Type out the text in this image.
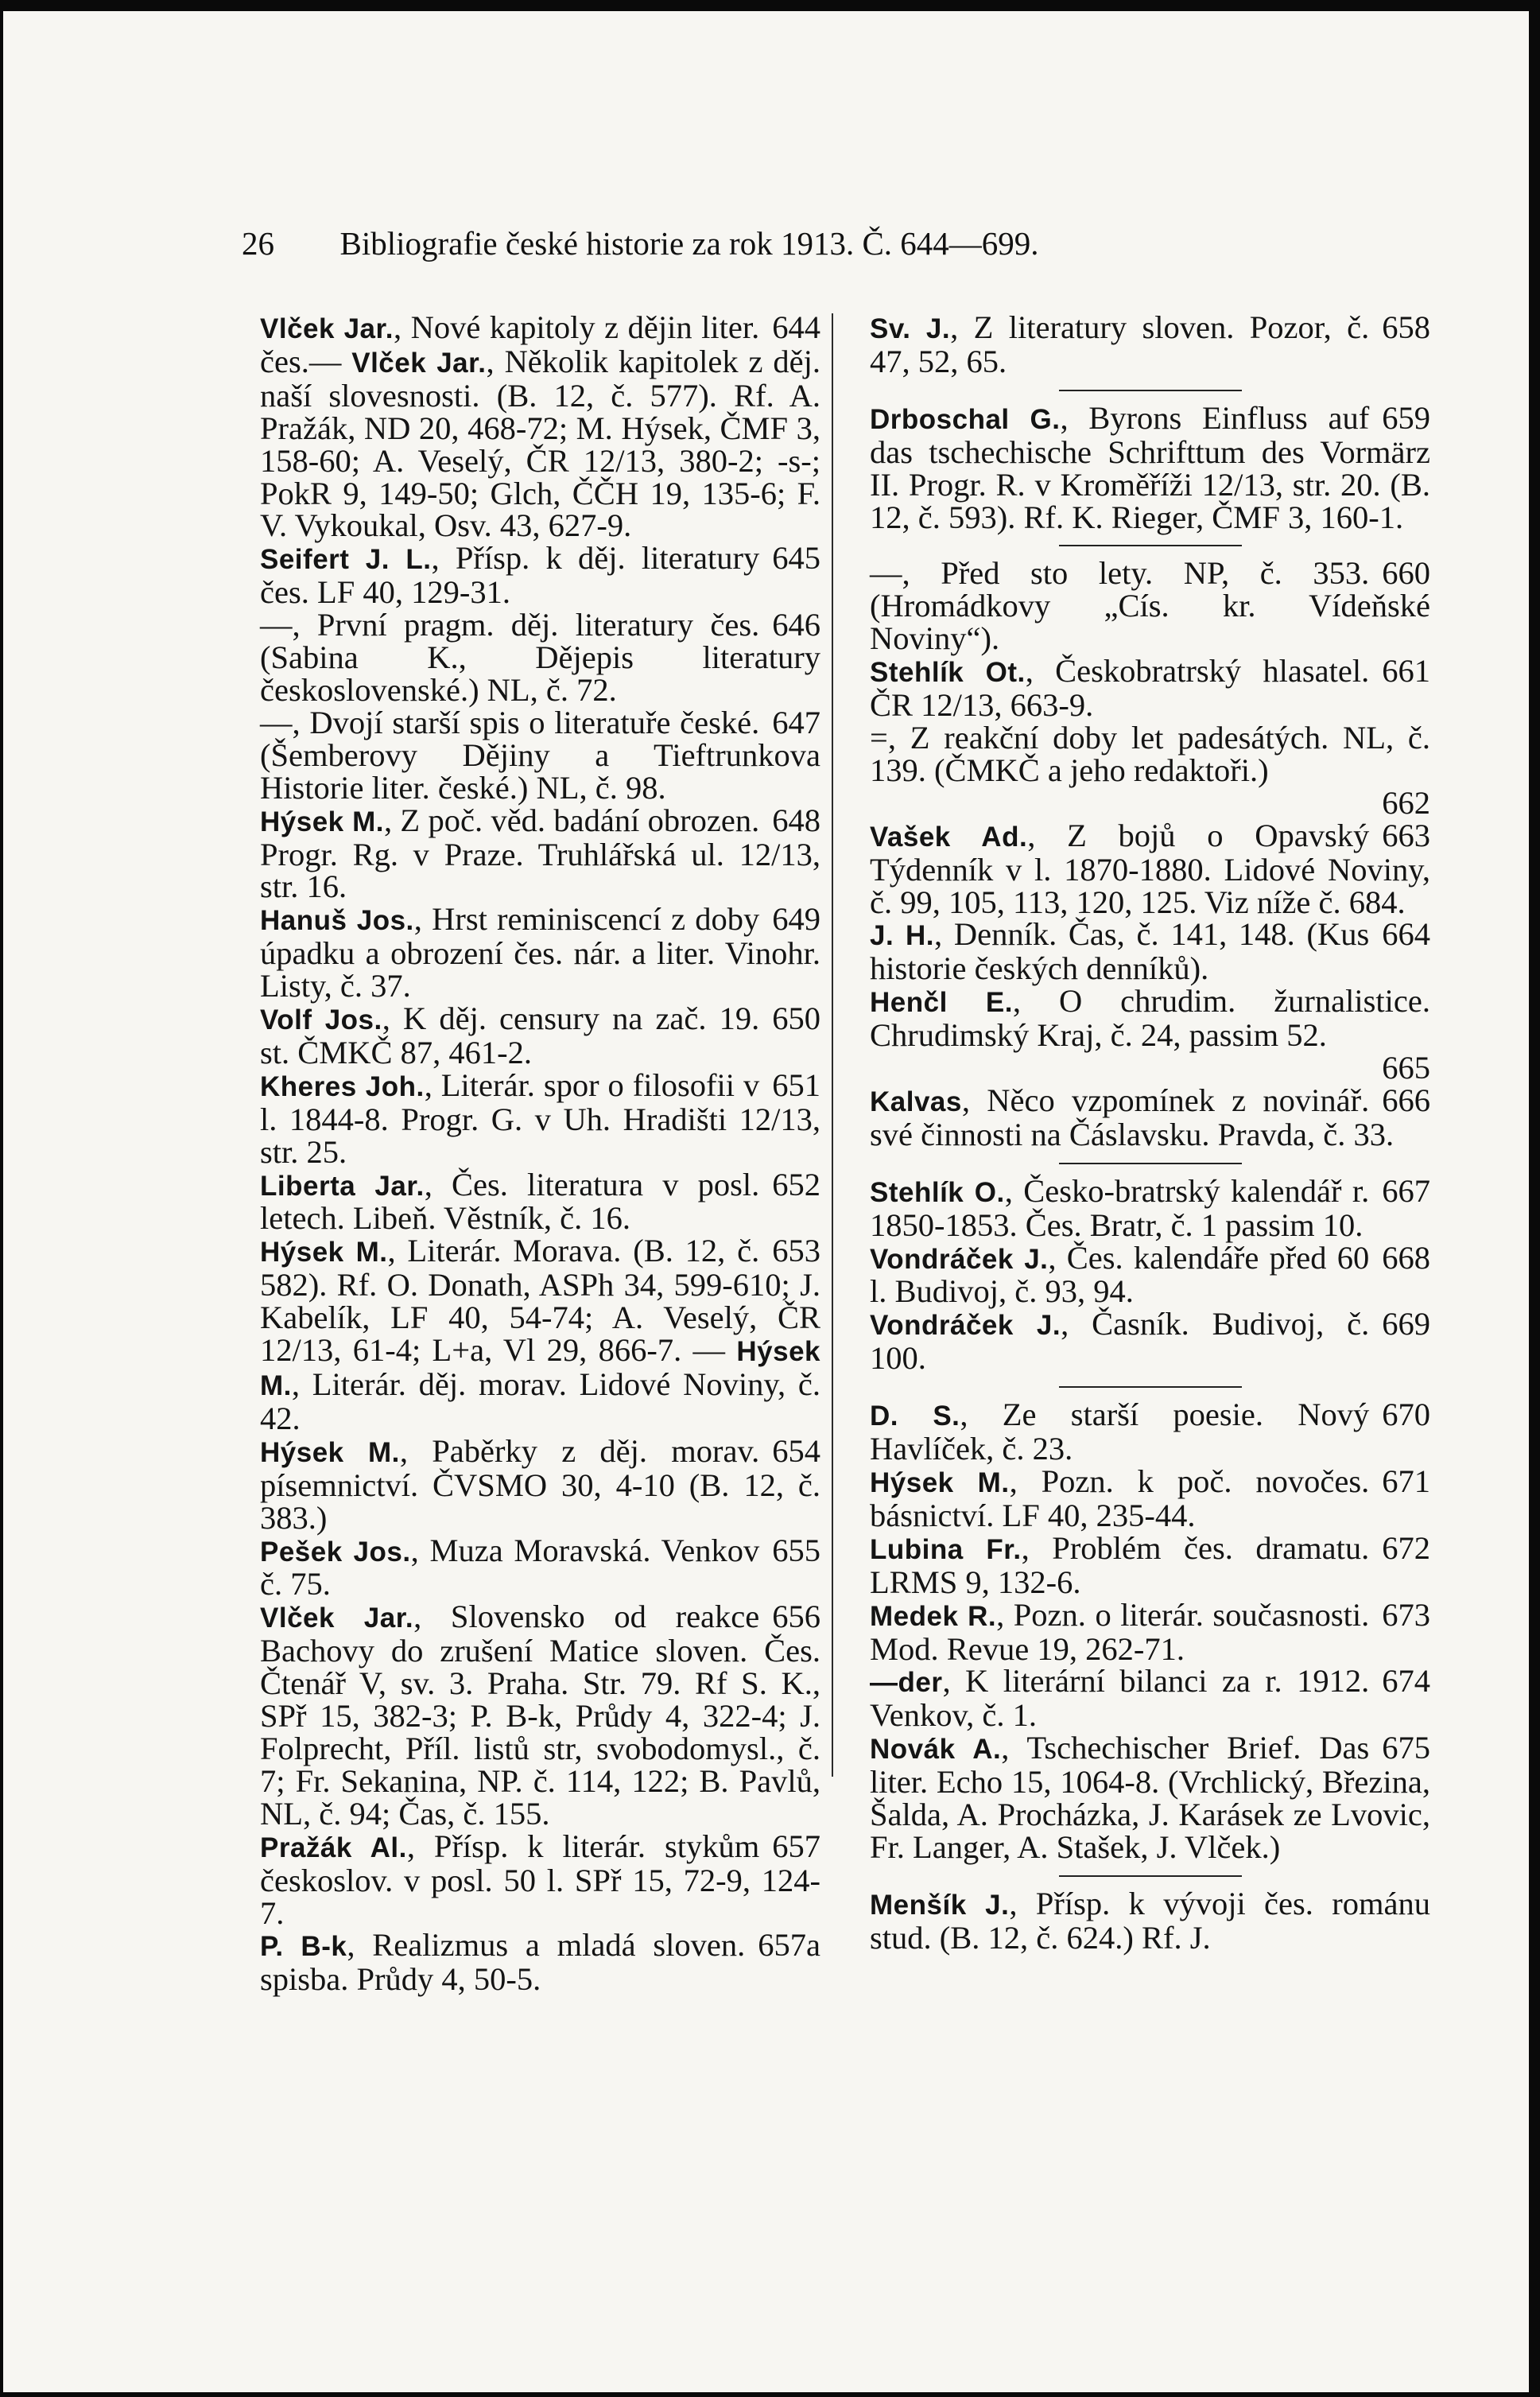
26 Bibliografie české historie za rok 1913. Č. 644—699.
644
Vlček Jar., Nové kapitoly z dějin liter. čes.— Vlček Jar., Několik kapitolek z děj. naší slovesnosti. (B. 12, č. 577). Rf. A. Pražák, ND 20, 468-72; M. Hýsek, ČMF 3, 158-60; A. Veselý, ČR 12/13, 380-2; -s-; PokR 9, 149-50; Glch, ČČH 19, 135-6; F. V. Vykoukal, Osv. 43, 627-9.
645
Seifert J. L., Přísp. k děj. literatury čes. LF 40, 129-31.
646
—, První pragm. děj. literatury čes. (Sabina K., Dějepis literatury československé.) NL, č. 72.
647
—, Dvojí starší spis o literatuře české. (Šemberovy Dějiny a Tieftrunkova Historie liter. české.) NL, č. 98.
648
Hýsek M., Z poč. věd. badání obrozen. Progr. Rg. v Praze. Truhlářská ul. 12/13, str. 16.
649
Hanuš Jos., Hrst reminiscencí z doby úpadku a obrození čes. nár. a liter. Vinohr. Listy, č. 37.
650
Volf Jos., K děj. censury na zač. 19. st. ČMKČ 87, 461-2.
651
Kheres Joh., Literár. spor o filosofii v l. 1844-8. Progr. G. v Uh. Hradišti 12/13, str. 25.
652
Liberta Jar., Čes. literatura v posl. letech. Libeň. Věstník, č. 16.
653
Hýsek M., Literár. Morava. (B. 12, č. 582). Rf. O. Donath, ASPh 34, 599-610; J. Kabelík, LF 40, 54-74; A. Veselý, ČR 12/13, 61-4; L+a, Vl 29, 866-7. — Hýsek M., Literár. děj. morav. Lidové Noviny, č. 42.
654
Hýsek M., Paběrky z děj. morav. písemnictví. ČVSMO 30, 4-10 (B. 12, č. 383.)
655
Pešek Jos., Muza Moravská. Venkov č. 75.
656
Vlček Jar., Slovensko od reakce Bachovy do zrušení Matice sloven. Čes. Čtenář V, sv. 3. Praha. Str. 79. Rf S. K., SPř 15, 382-3; P. B-k, Průdy 4, 322-4; J. Folprecht, Příl. listů str, svobodomysl., č. 7; Fr. Sekanina, NP. č. 114, 122; B. Pavlů, NL, č. 94; Čas, č. 155.
657
Pražák Al., Přísp. k literár. stykům českoslov. v posl. 50 l. SPř 15, 72-9, 124-7.
657a
P. B-k, Realizmus a mladá sloven. spisba. Průdy 4, 50-5.
658
Sv. J., Z literatury sloven. Pozor, č. 47, 52, 65.
659
Drboschal G., Byrons Einfluss auf das tschechische Schrifttum des Vormärz II. Progr. R. v Kroměříži 12/13, str. 20. (B. 12, č. 593). Rf. K. Rieger, ČMF 3, 160-1.
660
—, Před sto lety. NP, č. 353. (Hromádkovy „Cís. kr. Vídeňské Noviny“).
661
Stehlík Ot., Českobratrský hlasatel. ČR 12/13, 663-9.
=, Z reakční doby let padesátých. NL, č. 139. (ČMKČ a jeho redaktoři.)
662
663
Vašek Ad., Z bojů o Opavský Týdenník v l. 1870-1880. Lidové Noviny, č. 99, 105, 113, 120, 125. Viz níže č. 684.
664
J. H., Denník. Čas, č. 141, 148. (Kus historie českých denníků).
Henčl E., O chrudim. žurnalistice. Chrudimský Kraj, č. 24, passim 52.
665
666
Kalvas, Něco vzpomínek z novinář. své činnosti na Čáslavsku. Pravda, č. 33.
667
Stehlík O., Česko-bratrský kalendář r. 1850-1853. Čes. Bratr, č. 1 passim 10.
668
Vondráček J., Čes. kalendáře před 60 l. Budivoj, č. 93, 94.
669
Vondráček J., Časník. Budivoj, č. 100.
670
D. S., Ze starší poesie. Nový Havlíček, č. 23.
671
Hýsek M., Pozn. k poč. novočes. básnictví. LF 40, 235-44.
672
Lubina Fr., Problém čes. dramatu. LRMS 9, 132-6.
673
Medek R., Pozn. o literár. současnosti. Mod. Revue 19, 262-71.
674
—der, K literární bilanci za r. 1912. Venkov, č. 1.
675
Novák A., Tschechischer Brief. Das liter. Echo 15, 1064-8. (Vrchlický, Březina, Šalda, A. Procházka, J. Karásek ze Lvovic, Fr. Langer, A. Stašek, J. Vlček.)
Menšík J., Přísp. k vývoji čes. románu stud. (B. 12, č. 624.) Rf. J.
